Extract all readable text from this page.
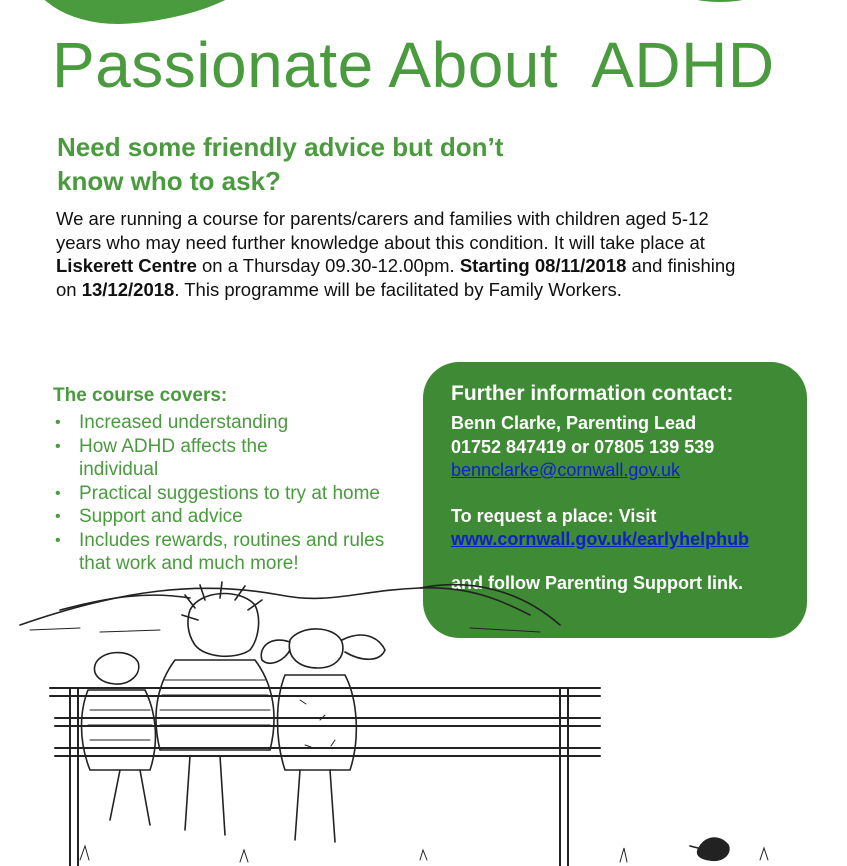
Passionate About  ADHD
Need some friendly advice but don’t
know who to ask?
We are running a course for parents/carers and families with children aged 5-12 years who may need further knowledge about this condition. It will take place at Liskerett Centre on a Thursday 09.30-12.00pm. Starting 08/11/2018 and finishing on 13/12/2018. This programme will be facilitated by Family Workers.
The course covers:
• Increased understanding
• How ADHD affects the individual
• Practical suggestions to try at home
• Support and advice
• Includes rewards, routines and rules that work and much more!
Further information contact:
Benn Clarke, Parenting Lead
01752 847419 or 07805 139 539
bennclarke@cornwall.gov.uk
To request a place: Visit
www.cornwall.gov.uk/earlyhelphub
and follow Parenting Support link.
